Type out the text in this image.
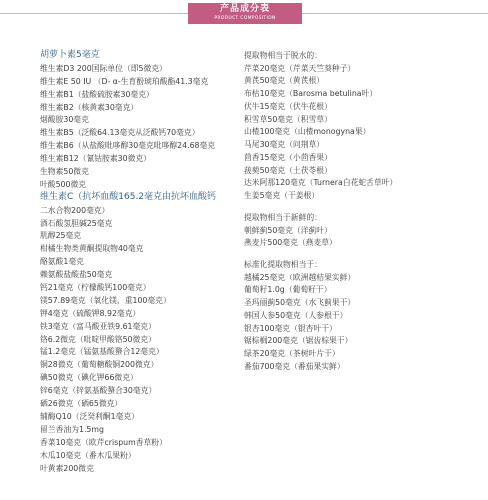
产品成分表
PRODUCT COMPOSITION
胡萝卜素5毫克
维生素D3 200国际单位（即5微克）
维生素E 50 IU （D- α-生育酚琥珀酸酯41.3毫克
维生素B1（盐酸硫胺素30毫克）
维生素B2（核黄素30毫克）
烟酸胺30毫克
维生素B5（泛酸64.13毫克从泛酸钙70毫克）
维生素B6（从盐酸吡哆醇30毫克吡哆醇24.68毫克
维生素B12（氰钴胺素30微克）
生物素50微克
叶酸500微克
维生素C（抗坏血酸165.2毫克由抗坏血酸钙
二水合物200毫克）
酒石酸氢胆碱25毫克
肌醇25毫克
柑橘生物类黄酮提取物40毫克
酪氨酸1毫克
赖氨酸盐酸盐50毫克
钙21毫克（柠檬酸钙100毫克）
镁57.89毫克（氧化镁，重100毫克）
钾4毫克（硫酸钾8.92毫克）
铁3毫克（富马酸亚铁9.61毫克）
铬6.2微克（吡啶甲酸铬50微克）
锰1.2毫克（锰氨基酸螯合12毫克）
铜28微克（葡萄糖酸铜200微克）
碘50微克（碘化钾66微克）
锌6毫克（锌氨基酸螯合30毫克）
硒26微克（硒65微克）
辅酶Q10（泛癸利酮1毫克）
留兰香油为1.5mg
香菜10毫克（欧芹crispum香草粉）
木瓜10毫克（番木瓜果粉）
叶黄素200微克
提取物相当于脱水的：
芹菜20毫克（芹菜天竺葵种子）
黄芪50毫克（黄芪根）
布枯10毫克（Barosma betulina叶）
伏牛15毫克（伏牛花根）
积雪草50毫克（积雪草）
山楂100毫克（山楂monogyna果）
马尾30毫克（问荆草）
茴香15毫克（小茴香果）
菝葜50毫克（土茯苓根）
达米阿那120毫克（Turnera白花蛇舌草叶）
生姜5毫克（干姜根）
提取物相当于新鲜的：
朝鲜蓟50毫克（洋蓟叶）
燕麦片500毫克（燕麦草）
标准化提取物相当于：
越橘25毫克（欧洲越桔果实鲜）
葡萄籽1.0g（葡萄籽干）
圣玛丽蓟50毫克（水飞蓟果干）
韩国人参50毫克（人参根干）
银杏100毫克（银杏叶干）
锯棕榈200毫克（锯齿棕果干）
绿茶20毫克（茶树叶片干）
番茄700毫克（番茄果实鲜）
